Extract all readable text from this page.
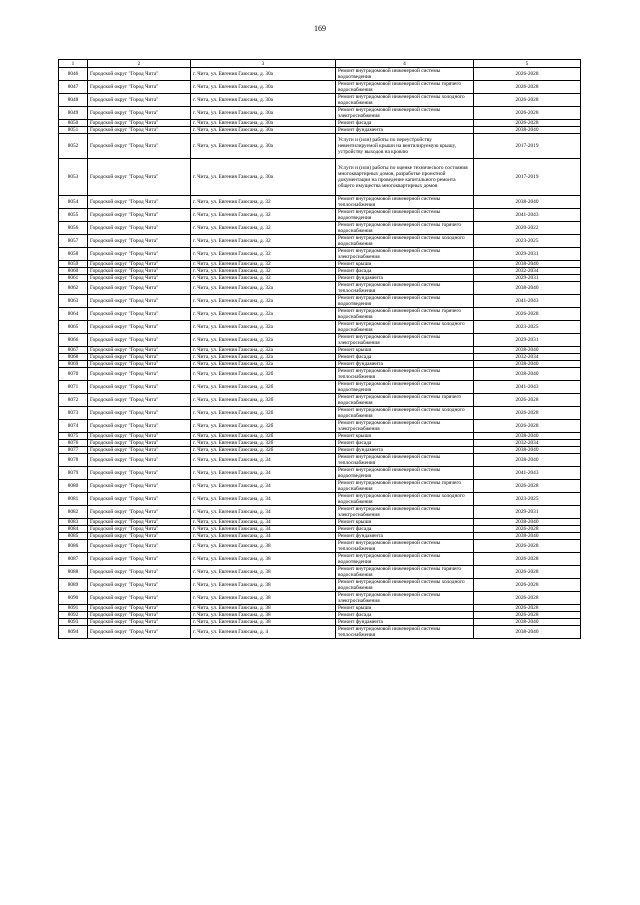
169
1	2	3	4	5
8046	Городской округ "Город Чита"	г. Чита, ул. Евгения Гаюсана, д. 30а	Ремонт внутридомовой инженерной системы водоотведения	2026-2028
8047	Городской округ "Город Чита"	г. Чита, ул. Евгения Гаюсана, д. 30а	Ремонт внутридомовой инженерной системы горячего водоснабжения	2026-2028
8048	Городской округ "Город Чита"	г. Чита, ул. Евгения Гаюсана, д. 30а	Ремонт внутридомовой инженерной системы холодного водоснабжения	2026-2028
8049	Городской округ "Город Чита"	г. Чита, ул. Евгения Гаюсана, д. 30а	Ремонт внутридомовой инженерной системы электроснабжения	2026-2028
8050	Городской округ "Город Чита"	г. Чита, ул. Евгения Гаюсана, д. 30а	Ремонт фасада	2026-2028
8051	Городской округ "Город Чита"	г. Чита, ул. Евгения Гаюсана, д. 30а	Ремонт фундамента	2038-2040
8052	Городской округ "Город Чита"	г. Чита, ул. Евгения Гаюсана, д. 30а	Услуги и (или) работы по переустройству невентилируемой крыши на вентилируемую крышу, устройству выходов на кровлю	2017-2019
8053	Городской округ "Город Чита"	г. Чита, ул. Евгения Гаюсана, д. 30а	Услуги и (или) работы по оценке технического состояния многоквартирных домов, разработке проектной документации на проведение капитального ремонта общего имущества многоквартирных домов	2017-2019
8054	Городской округ "Город Чита"	г. Чита, ул. Евгения Гаюсана, д. 32	Ремонт внутридомовой инженерной системы теплоснабжения	2038-2040
8055	Городской округ "Город Чита"	г. Чита, ул. Евгения Гаюсана, д. 32	Ремонт внутридомовой инженерной системы водоотведения	2041-2043
8056	Городской округ "Город Чита"	г. Чита, ул. Евгения Гаюсана, д. 32	Ремонт внутридомовой инженерной системы горячего водоснабжения	2020-2022
8057	Городской округ "Город Чита"	г. Чита, ул. Евгения Гаюсана, д. 32	Ремонт внутридомовой инженерной системы холодного водоснабжения	2023-2025
8058	Городской округ "Город Чита"	г. Чита, ул. Евгения Гаюсана, д. 32	Ремонт внутридомовой инженерной системы электроснабжения	2029-2031
8059	Городской округ "Город Чита"	г. Чита, ул. Евгения Гаюсана, д. 32	Ремонт крыши	2038-2040
8060	Городской округ "Город Чита"	г. Чита, ул. Евгения Гаюсана, д. 32	Ремонт фасада	2032-2034
8061	Городской округ "Город Чита"	г. Чита, ул. Евгения Гаюсана, д. 32	Ремонт фундамента	2029-2031
8062	Городской округ "Город Чита"	г. Чита, ул. Евгения Гаюсана, д. 32а	Ремонт внутридомовой инженерной системы теплоснабжения	2038-2040
8063	Городской округ "Город Чита"	г. Чита, ул. Евгения Гаюсана, д. 32а	Ремонт внутридомовой инженерной системы водоотведения	2041-2043
8064	Городской округ "Город Чита"	г. Чита, ул. Евгения Гаюсана, д. 32а	Ремонт внутридомовой инженерной системы горячего водоснабжения	2026-2028
8065	Городской округ "Город Чита"	г. Чита, ул. Евгения Гаюсана, д. 32а	Ремонт внутридомовой инженерной системы холодного водоснабжения	2023-2025
8066	Городской округ "Город Чита"	г. Чита, ул. Евгения Гаюсана, д. 32а	Ремонт внутридомовой инженерной системы электроснабжения	2029-2031
8067	Городской округ "Город Чита"	г. Чита, ул. Евгения Гаюсана, д. 32а	Ремонт крыши	2038-2040
8068	Городской округ "Город Чита"	г. Чита, ул. Евгения Гаюсана, д. 32а	Ремонт фасада	2032-2034
8069	Городской округ "Город Чита"	г. Чита, ул. Евгения Гаюсана, д. 32а	Ремонт фундамента	2038-2040
8070	Городской округ "Город Чита"	г. Чита, ул. Евгения Гаюсана, д. 32б	Ремонт внутридомовой инженерной системы теплоснабжения	2038-2040
8071	Городской округ "Город Чита"	г. Чита, ул. Евгения Гаюсана, д. 32б	Ремонт внутридомовой инженерной системы водоотведения	2041-2043
8072	Городской округ "Город Чита"	г. Чита, ул. Евгения Гаюсана, д. 32б	Ремонт внутридомовой инженерной системы горячего водоснабжения	2026-2028
8073	Городской округ "Город Чита"	г. Чита, ул. Евгения Гаюсана, д. 32б	Ремонт внутридомовой инженерной системы холодного водоснабжения	2026-2028
8074	Городской округ "Город Чита"	г. Чита, ул. Евгения Гаюсана, д. 32б	Ремонт внутридомовой инженерной системы электроснабжения	2026-2028
8075	Городской округ "Город Чита"	г. Чита, ул. Евгения Гаюсана, д. 32б	Ремонт крыши	2038-2040
8076	Городской округ "Город Чита"	г. Чита, ул. Евгения Гаюсана, д. 32б	Ремонт фасада	2032-2034
8077	Городской округ "Город Чита"	г. Чита, ул. Евгения Гаюсана, д. 32б	Ремонт фундамента	2038-2040
8078	Городской округ "Город Чита"	г. Чита, ул. Евгения Гаюсана, д. 34	Ремонт внутридомовой инженерной системы теплоснабжения	2038-2040
8079	Городской округ "Город Чита"	г. Чита, ул. Евгения Гаюсана, д. 34	Ремонт внутридомовой инженерной системы водоотведения	2041-2043
8080	Городской округ "Город Чита"	г. Чита, ул. Евгения Гаюсана, д. 34	Ремонт внутридомовой инженерной системы горячего водоснабжения	2026-2028
8081	Городской округ "Город Чита"	г. Чита, ул. Евгения Гаюсана, д. 34	Ремонт внутридомовой инженерной системы холодного водоснабжения	2023-2025
8082	Городской округ "Город Чита"	г. Чита, ул. Евгения Гаюсана, д. 34	Ремонт внутридомовой инженерной системы электроснабжения	2029-2031
8083	Городской округ "Город Чита"	г. Чита, ул. Евгения Гаюсана, д. 34	Ремонт крыши	2038-2040
8084	Городской округ "Город Чита"	г. Чита, ул. Евгения Гаюсана, д. 34	Ремонт фасада	2026-2028
8085	Городской округ "Город Чита"	г. Чита, ул. Евгения Гаюсана, д. 34	Ремонт фундамента	2038-2040
8086	Городской округ "Город Чита"	г. Чита, ул. Евгения Гаюсана, д. 38	Ремонт внутридомовой инженерной системы теплоснабжения	2026-2028
8087	Городской округ "Город Чита"	г. Чита, ул. Евгения Гаюсана, д. 38	Ремонт внутридомовой инженерной системы водоотведения	2026-2028
8088	Городской округ "Город Чита"	г. Чита, ул. Евгения Гаюсана, д. 38	Ремонт внутридомовой инженерной системы горячего водоснабжения	2026-2028
8089	Городской округ "Город Чита"	г. Чита, ул. Евгения Гаюсана, д. 38	Ремонт внутридомовой инженерной системы холодного водоснабжения	2026-2028
8090	Городской округ "Город Чита"	г. Чита, ул. Евгения Гаюсана, д. 38	Ремонт внутридомовой инженерной системы электроснабжения	2026-2028
8091	Городской округ "Город Чита"	г. Чита, ул. Евгения Гаюсана, д. 38	Ремонт крыши	2026-2028
8092	Городской округ "Город Чита"	г. Чита, ул. Евгения Гаюсана, д. 38	Ремонт фасада	2026-2028
8093	Городской округ "Город Чита"	г. Чита, ул. Евгения Гаюсана, д. 38	Ремонт фундамента	2038-2040
8094	Городской округ "Город Чита"	г. Чита, ул. Евгения Гаюсана, д. 4	Ремонт внутридомовой инженерной системы теплоснабжения	2038-2040
